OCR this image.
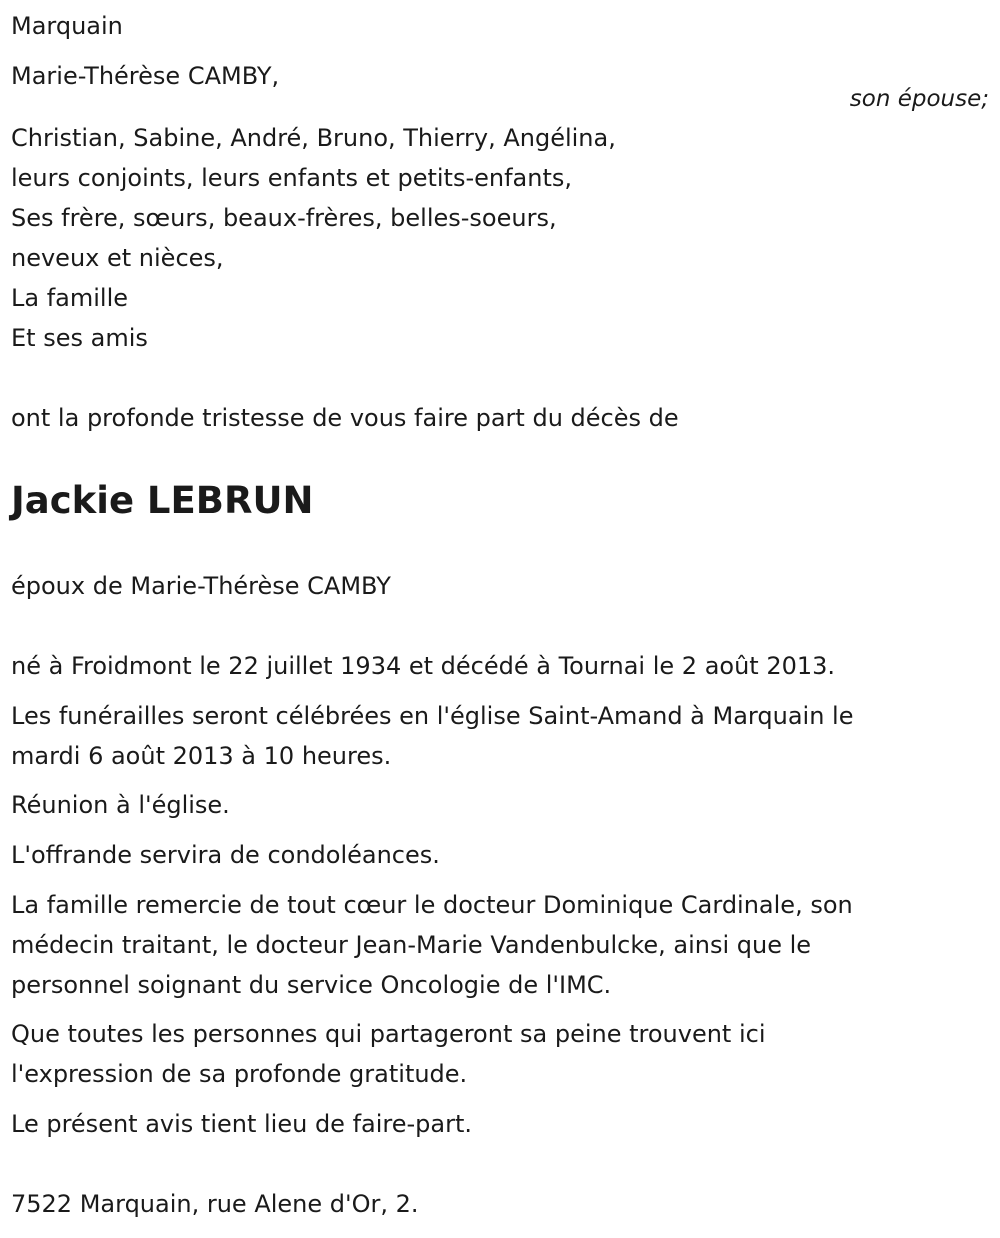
Marquain
Marie-Thérèse CAMBY,
son épouse;
Christian, Sabine, André, Bruno, Thierry, Angélina,
leurs conjoints, leurs enfants et petits-enfants,
Ses frère, sœurs, beaux-frères, belles-soeurs,
neveux et nièces,
La famille
Et ses amis
ont la profonde tristesse de vous faire part du décès de
Jackie LEBRUN
époux de Marie-Thérèse CAMBY
né à Froidmont le 22 juillet 1934 et décédé à Tournai le 2 août 2013.
Les funérailles seront célébrées en l'église Saint-Amand à Marquain le
mardi 6 août 2013 à 10 heures.
Réunion à l'église.
L'offrande servira de condoléances.
La famille remercie de tout cœur le docteur Dominique Cardinale, son
médecin traitant, le docteur Jean-Marie Vandenbulcke, ainsi que le
personnel soignant du service Oncologie de l'IMC.
Que toutes les personnes qui partageront sa peine trouvent ici
l'expression de sa profonde gratitude.
Le présent avis tient lieu de faire-part.
7522 Marquain, rue Alene d'Or, 2.
